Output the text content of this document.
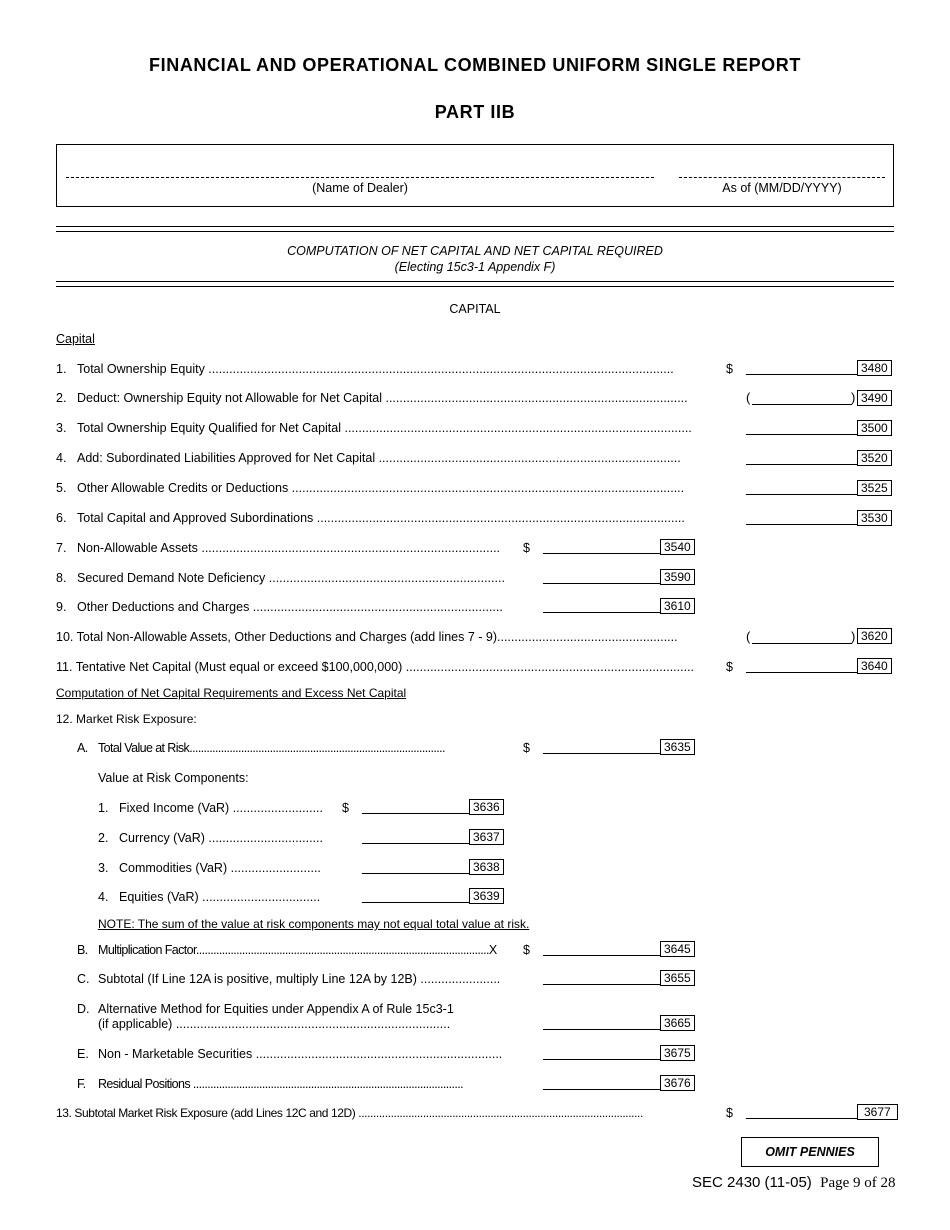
FINANCIAL AND OPERATIONAL COMBINED UNIFORM SINGLE REPORT
PART IIB
(Name of Dealer)	As of (MM/DD/YYYY)
COMPUTATION OF NET CAPITAL AND NET CAPITAL REQUIRED
(Electing 15c3-1 Appendix F)
CAPITAL
Capital
1. Total Ownership Equity ......................................................................................................................................	$	3480
2. Deduct: Ownership Equity not Allowable for Net Capital .......................................................................................	(	) 3490
3. Total Ownership Equity Qualified for Net Capital ....................................................................................................	3500
4. Add: Subordinated Liabilities Approved for Net Capital .......................................................................................	3520
5. Other Allowable Credits or Deductions .................................................................................................................	3525
6. Total Capital and Approved Subordinations ..........................................................................................................	3530
7. Non-Allowable Assets ......................................................................................	$	3540
8. Secured Demand Note Deficiency ....................................................................	3590
9. Other Deductions and Charges ........................................................................	3610
10. Total Non-Allowable Assets, Other Deductions and Charges (add lines 7 - 9)....................................................	(	) 3620
11. Tentative Net Capital (Must equal or exceed $100,000,000) ...................................................................................	$	3640
Computation of Net Capital Requirements and Excess Net Capital
12. Market Risk Exposure:
A. Total Value at Risk.........................................................................................	$	3635
Value at Risk Components:
1. Fixed Income (VaR) ..........................	$	3636
2. Currency (VaR) .................................	3637
3. Commodities (VaR) ..........................	3638
4. Equities (VaR) ..................................	3639
NOTE: The sum of the value at risk components may not equal total value at risk.
B. Multiplication Factor......................................................................................................X	$	3645
C. Subtotal (If Line 12A is positive, multiply Line 12A by 12B) .......................	3655
D. Alternative Method for Equities under Appendix A of Rule 15c3-1
(if applicable) ...............................................................................	3665
E. Non - Marketable Securities .......................................................................	3675
F. Residual Positions ..............................................................................................	3676
13. Subtotal Market Risk Exposure (add Lines 12C and 12D) .................................................................................................	$	3677
OMIT PENNIES
SEC 2430 (11-05) Page 9 of 28
